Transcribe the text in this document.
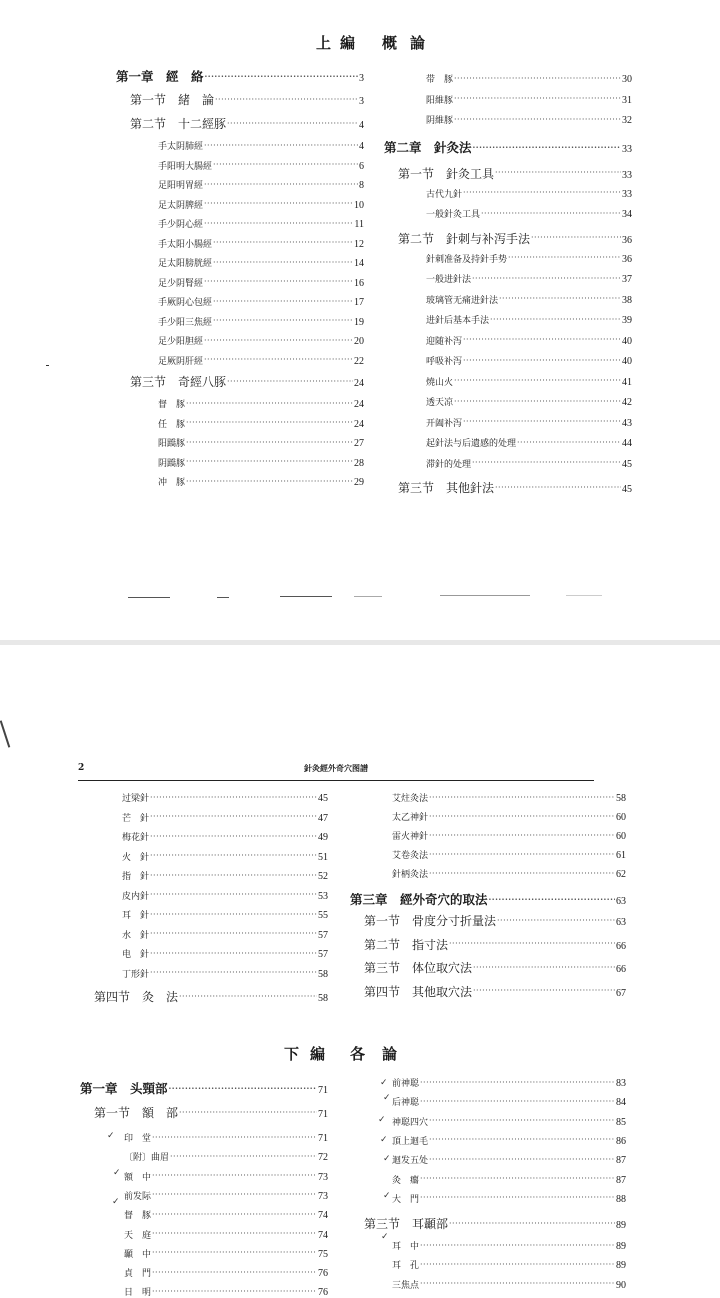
上 編 概 論
第一章　經　絡 ·····	3
第一节　緒　論 ·····	3
第二节　十二經豚 ·····	4
手太阴肺經 ·····	4
手阳明大腸經 ·····	6
足阳明胃經 ·····	8
足太阴脾經 ·····	10
手少阴心經 ·····	11
手太阳小腸經 ·····	12
足太阳膀胱經 ·····	14
足少阴腎經 ·····	16
手厥阴心包經 ·····	17
手少阳三焦經 ·····	19
足少阳胆經 ·····	20
足厥阴肝經 ·····	22
第三节　奇經八豚 ·····	24
督　豚 ·····	24
任　豚 ·····	24
阳蹻豚 ·····	27
阴蹻豚 ·····	28
冲　豚 ·····	29
带　豚 ·····	30
阳維豚 ·····	31
阴維豚 ·····	32
第二章　針灸法 ·····	33
第一节　針灸工具 ·····	33
古代九針 ·····	33
一般針灸工具 ·····	34
第二节　針刺与补泻手法 ·····	36
針刺准备及持針手势 ·····	36
一般进針法 ·····	37
玻璃管无痛进針法 ·····	38
进針后基本手法 ·····	39
迎随补泻 ·····	40
呼吸补泻 ·····	40
燒山火 ·····	41
透天凉 ·····	42
开阖补泻 ·····	43
起針法与后遺感的处理 ·····	44
滞針的处理 ·····	45
第三节　其他針法 ·····	45
2	針灸經外奇穴图譜
过梁針 ·····	45
芒　針 ·····	47
梅花針 ·····	49
火　針 ·····	51
指　針 ·····	52
皮内針 ·····	53
耳　針 ·····	55
水　針 ·····	57
电　針 ·····	57
丁形針 ·····	58
第四节　灸　法 ·····	58
艾炷灸法 ·····	58
太乙神針 ·····	60
雷火神針 ·····	60
艾卷灸法 ·····	61
針柄灸法 ·····	62
第三章　經外奇穴的取法 ·····	63
第一节　骨度分寸折量法 ·····	63
第二节　指寸法 ·····	66
第三节　体位取穴法 ·····	66
第四节　其他取穴法 ·····	67
下 編 各 論
第一章　头頸部 ·····	71
第一节　額　部 ·····	71
印　堂 ·····	71
〔附〕曲眉 ·····	72
額　中 ·····	73
前发际 ·····	73
督　豚 ·····	74
天　庭 ·····	74
顳　中 ·····	75
貞　門 ·····	76
日　明 ·····	76
前神聪 ·····	83
后神聪 ·····	84
神聪四穴 ·····	85
頂上迴毛 ·····	86
迴发五处 ·····	87
灸　癟 ·····	87
大　門 ·····	88
第三节　耳顳部 ·····	89
耳　中 ·····	89
耳　孔 ·····	89
三焦点 ·····	90
✓
✓
✓
✓
✓
✓
✓
✓
✓
✓
